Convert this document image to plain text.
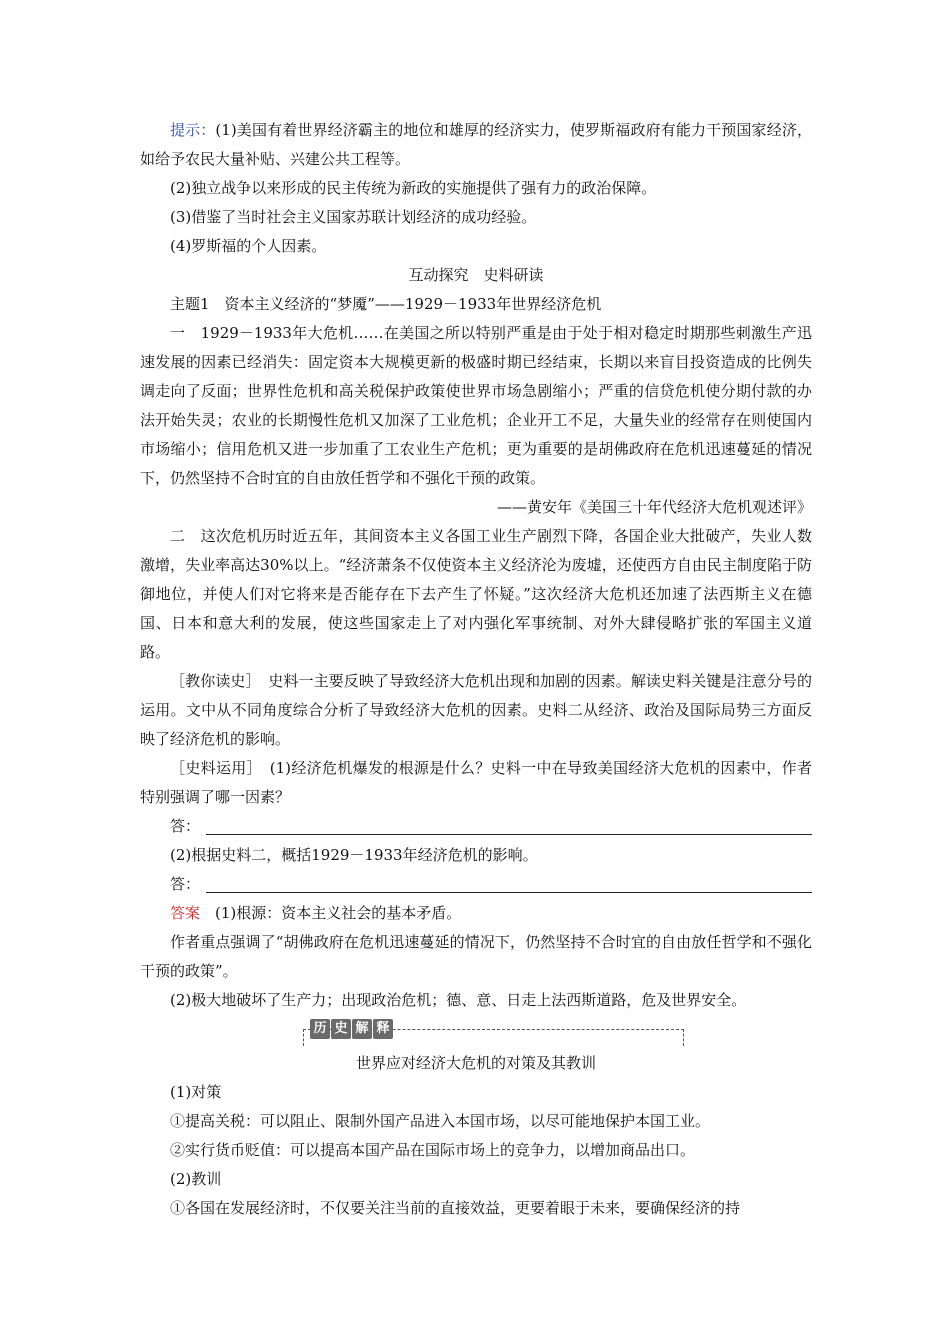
提示：(1)美国有着世界经济霸主的地位和雄厚的经济实力，使罗斯福政府有能力干预国家经济，如给予农民大量补贴、兴建公共工程等。

(2)独立战争以来形成的民主传统为新政的实施提供了强有力的政治保障。

(3)借鉴了当时社会主义国家苏联计划经济的成功经验。

(4)罗斯福的个人因素。

互动探究　史料研读

主题1　资本主义经济的“梦魇”——1929－1933年世界经济危机

一　1929－1933年大危机……在美国之所以特别严重是由于处于相对稳定时期那些刺激生产迅速发展的因素已经消失：固定资本大规模更新的极盛时期已经结束，长期以来盲目投资造成的比例失调走向了反面；世界性危机和高关税保护政策使世界市场急剧缩小；严重的信贷危机使分期付款的办法开始失灵；农业的长期慢性危机又加深了工业危机；企业开工不足，大量失业的经常存在则使国内市场缩小；信用危机又进一步加重了工农业生产危机；更为重要的是胡佛政府在危机迅速蔓延的情况下，仍然坚持不合时宜的自由放任哲学和不强化干预的政策。

——黄安年《美国三十年代经济大危机观述评》

二　这次危机历时近五年，其间资本主义各国工业生产剧烈下降，各国企业大批破产，失业人数激增，失业率高达30%以上。“经济萧条不仅使资本主义经济沦为废墟，还使西方自由民主制度陷于防御地位，并使人们对它将来是否能存在下去产生了怀疑。”这次经济大危机还加速了法西斯主义在德国、日本和意大利的发展，使这些国家走上了对内强化军事统制、对外大肆侵略扩张的军国主义道路。

［教你读史］　史料一主要反映了导致经济大危机出现和加剧的因素。解读史料关键是注意分号的运用。文中从不同角度综合分析了导致经济大危机的因素。史料二从经济、政治及国际局势三方面反映了经济危机的影响。

［史料运用］　(1)经济危机爆发的根源是什么？史料一中在导致美国经济大危机的因素中，作者特别强调了哪一因素？

答：

(2)根据史料二，概括1929－1933年经济危机的影响。

答：

答案　(1)根源：资本主义社会的基本矛盾。

作者重点强调了“胡佛政府在危机迅速蔓延的情况下，仍然坚持不合时宜的自由放任哲学和不强化干预的政策”。

(2)极大地破坏了生产力；出现政治危机；德、意、日走上法西斯道路，危及世界安全。

历 史 解 释

世界应对经济大危机的对策及其教训

(1)对策

①提高关税：可以阻止、限制外国产品进入本国市场，以尽可能地保护本国工业。

②实行货币贬值：可以提高本国产品在国际市场上的竞争力，以增加商品出口。

(2)教训

①各国在发展经济时，不仅要关注当前的直接效益，更要着眼于未来，要确保经济的持
